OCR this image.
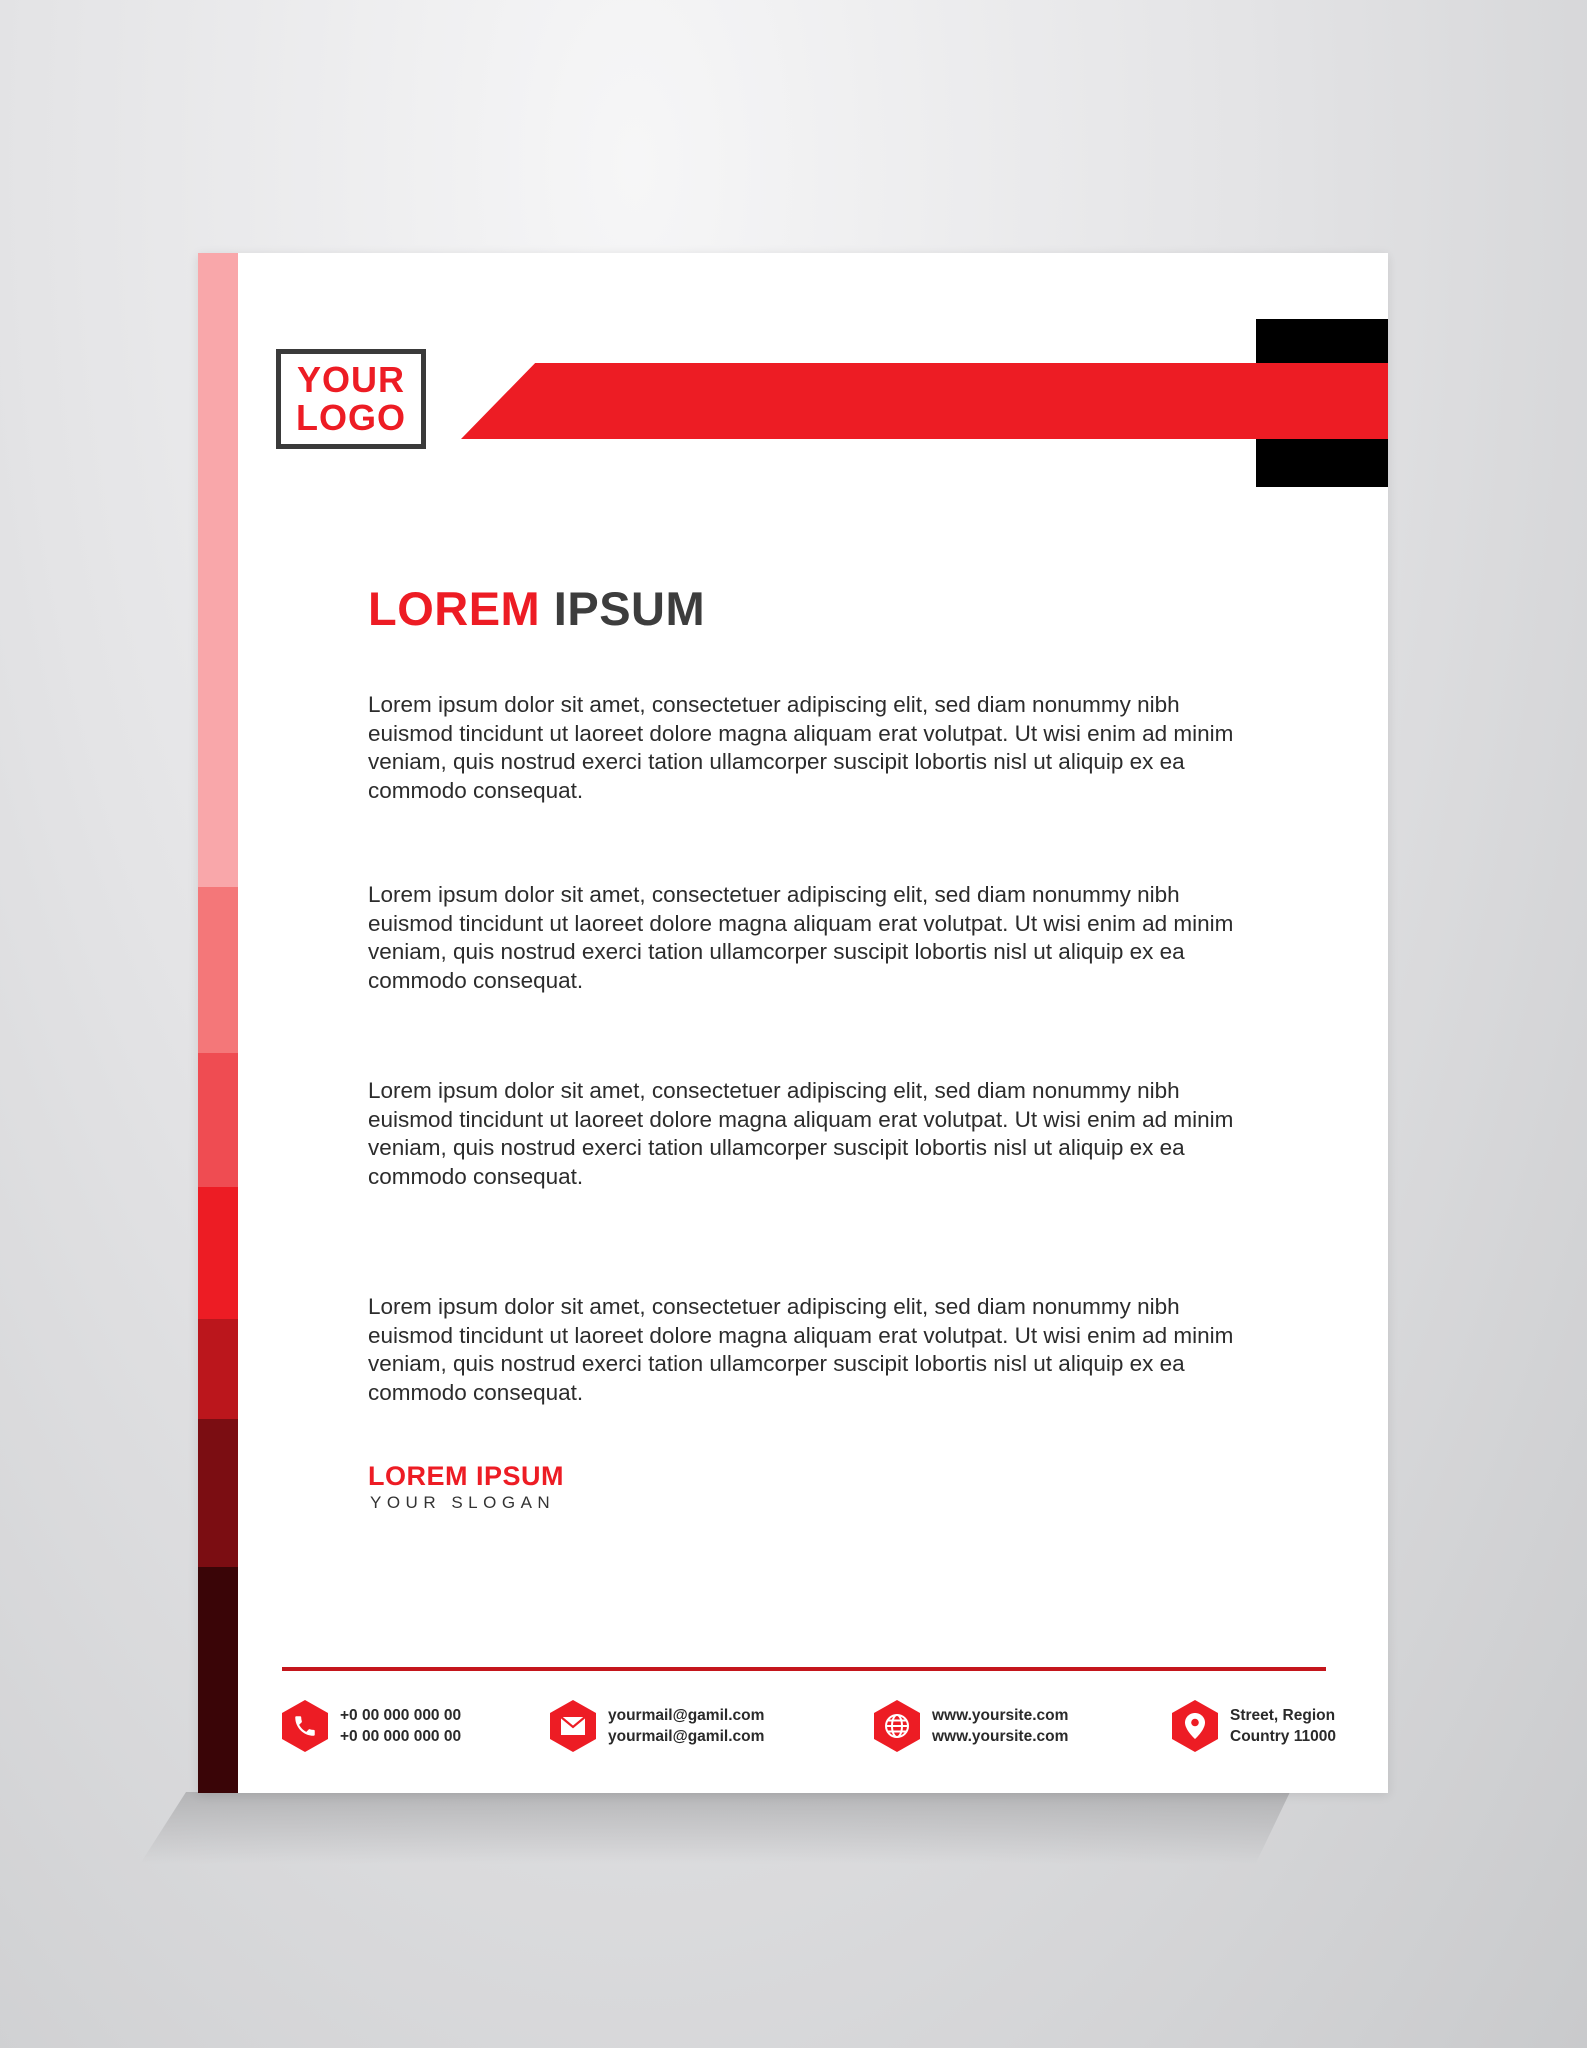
YOUR
LOGO
LOREM IPSUM

Lorem ipsum dolor sit amet, consectetuer adipiscing elit, sed diam nonummy nibh euismod tincidunt ut laoreet dolore magna aliquam erat volutpat. Ut wisi enim ad minim veniam, quis nostrud exerci tation ullamcorper suscipit lobortis nisl ut aliquip ex ea commodo consequat.

Lorem ipsum dolor sit amet, consectetuer adipiscing elit, sed diam nonummy nibh euismod tincidunt ut laoreet dolore magna aliquam erat volutpat. Ut wisi enim ad minim veniam, quis nostrud exerci tation ullamcorper suscipit lobortis nisl ut aliquip ex ea commodo consequat.

Lorem ipsum dolor sit amet, consectetuer adipiscing elit, sed diam nonummy nibh euismod tincidunt ut laoreet dolore magna aliquam erat volutpat. Ut wisi enim ad minim veniam, quis nostrud exerci tation ullamcorper suscipit lobortis nisl ut aliquip ex ea commodo consequat.

Lorem ipsum dolor sit amet, consectetuer adipiscing elit, sed diam nonummy nibh euismod tincidunt ut laoreet dolore magna aliquam erat volutpat. Ut wisi enim ad minim veniam, quis nostrud exerci tation ullamcorper suscipit lobortis nisl ut aliquip ex ea commodo consequat.

LOREM IPSUM
YOUR SLOGAN
+0 00 000 000 00
+0 00 000 000 00
yourmail@gamil.com
yourmail@gamil.com
www.yoursite.com
www.yoursite.com
Street, Region
Country 11000
